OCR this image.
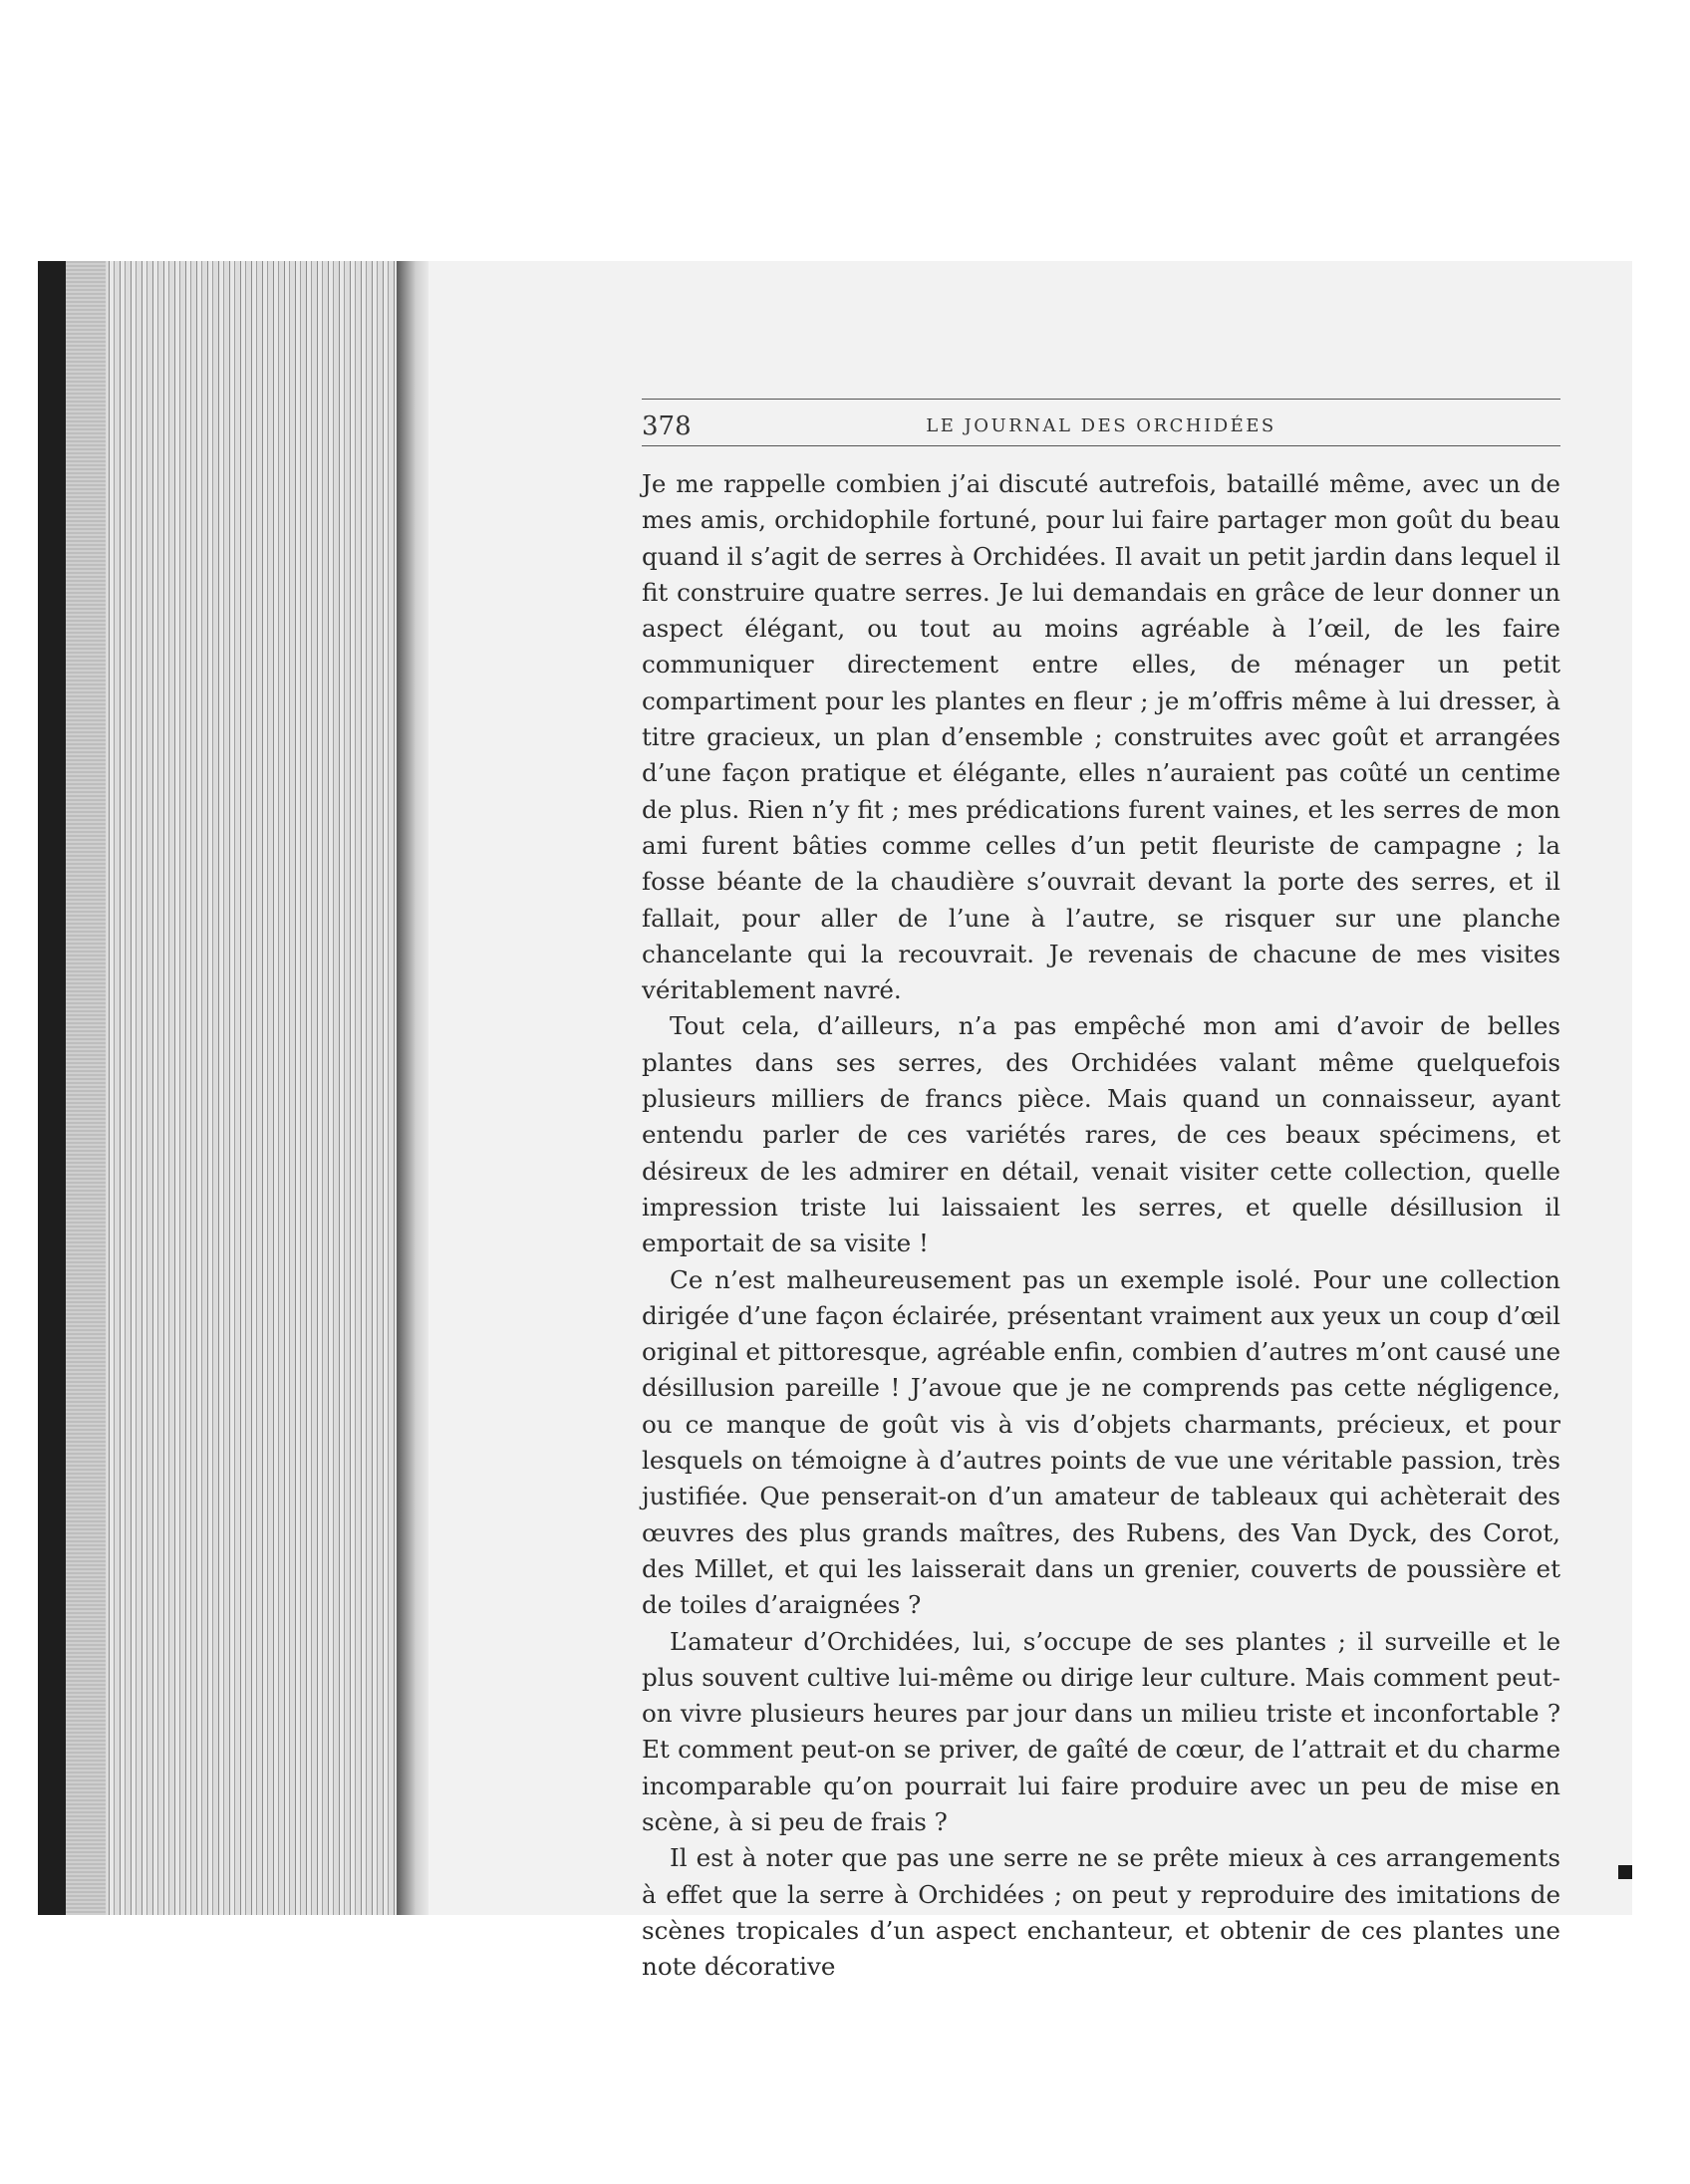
378	LE JOURNAL DES ORCHIDÉES

Je me rappelle combien j’ai discuté autrefois, bataillé même, avec un de mes amis, orchidophile fortuné, pour lui faire partager mon goût du beau quand il s’agit de serres à Orchidées. Il avait un petit jardin dans lequel il fit construire quatre serres. Je lui demandais en grâce de leur donner un aspect élégant, ou tout au moins agréable à l’œil, de les faire communiquer directement entre elles, de ménager un petit compartiment pour les plantes en fleur ; je m’offris même à lui dresser, à titre gracieux, un plan d’ensemble ; construites avec goût et arrangées d’une façon pratique et élégante, elles n’auraient pas coûté un centime de plus. Rien n’y fit ; mes prédications furent vaines, et les serres de mon ami furent bâties comme celles d’un petit fleuriste de campagne ; la fosse béante de la chaudière s’ouvrait devant la porte des serres, et il fallait, pour aller de l’une à l’autre, se risquer sur une planche chancelante qui la recouvrait. Je revenais de chacune de mes visites véritablement navré.

Tout cela, d’ailleurs, n’a pas empêché mon ami d’avoir de belles plantes dans ses serres, des Orchidées valant même quelquefois plusieurs milliers de francs pièce. Mais quand un connaisseur, ayant entendu parler de ces variétés rares, de ces beaux spécimens, et désireux de les admirer en détail, venait visiter cette collection, quelle impression triste lui laissaient les serres, et quelle désillusion il emportait de sa visite !

Ce n’est malheureusement pas un exemple isolé. Pour une collection dirigée d’une façon éclairée, présentant vraiment aux yeux un coup d’œil original et pittoresque, agréable enfin, combien d’autres m’ont causé une désillusion pareille ! J’avoue que je ne comprends pas cette négligence, ou ce manque de goût vis à vis d’objets charmants, précieux, et pour lesquels on témoigne à d’autres points de vue une véritable passion, très justifiée. Que penserait-on d’un amateur de tableaux qui achèterait des œuvres des plus grands maîtres, des Rubens, des Van Dyck, des Corot, des Millet, et qui les laisserait dans un grenier, couverts de poussière et de toiles d’araignées ?

L’amateur d’Orchidées, lui, s’occupe de ses plantes ; il surveille et le plus souvent cultive lui-même ou dirige leur culture. Mais comment peut-on vivre plusieurs heures par jour dans un milieu triste et inconfortable ? Et comment peut-on se priver, de gaîté de cœur, de l’attrait et du charme incomparable qu’on pourrait lui faire produire avec un peu de mise en scène, à si peu de frais ?

Il est à noter que pas une serre ne se prête mieux à ces arrangements à effet que la serre à Orchidées ; on peut y reproduire des imitations de scènes tropicales d’un aspect enchanteur, et obtenir de ces plantes une note décorative
